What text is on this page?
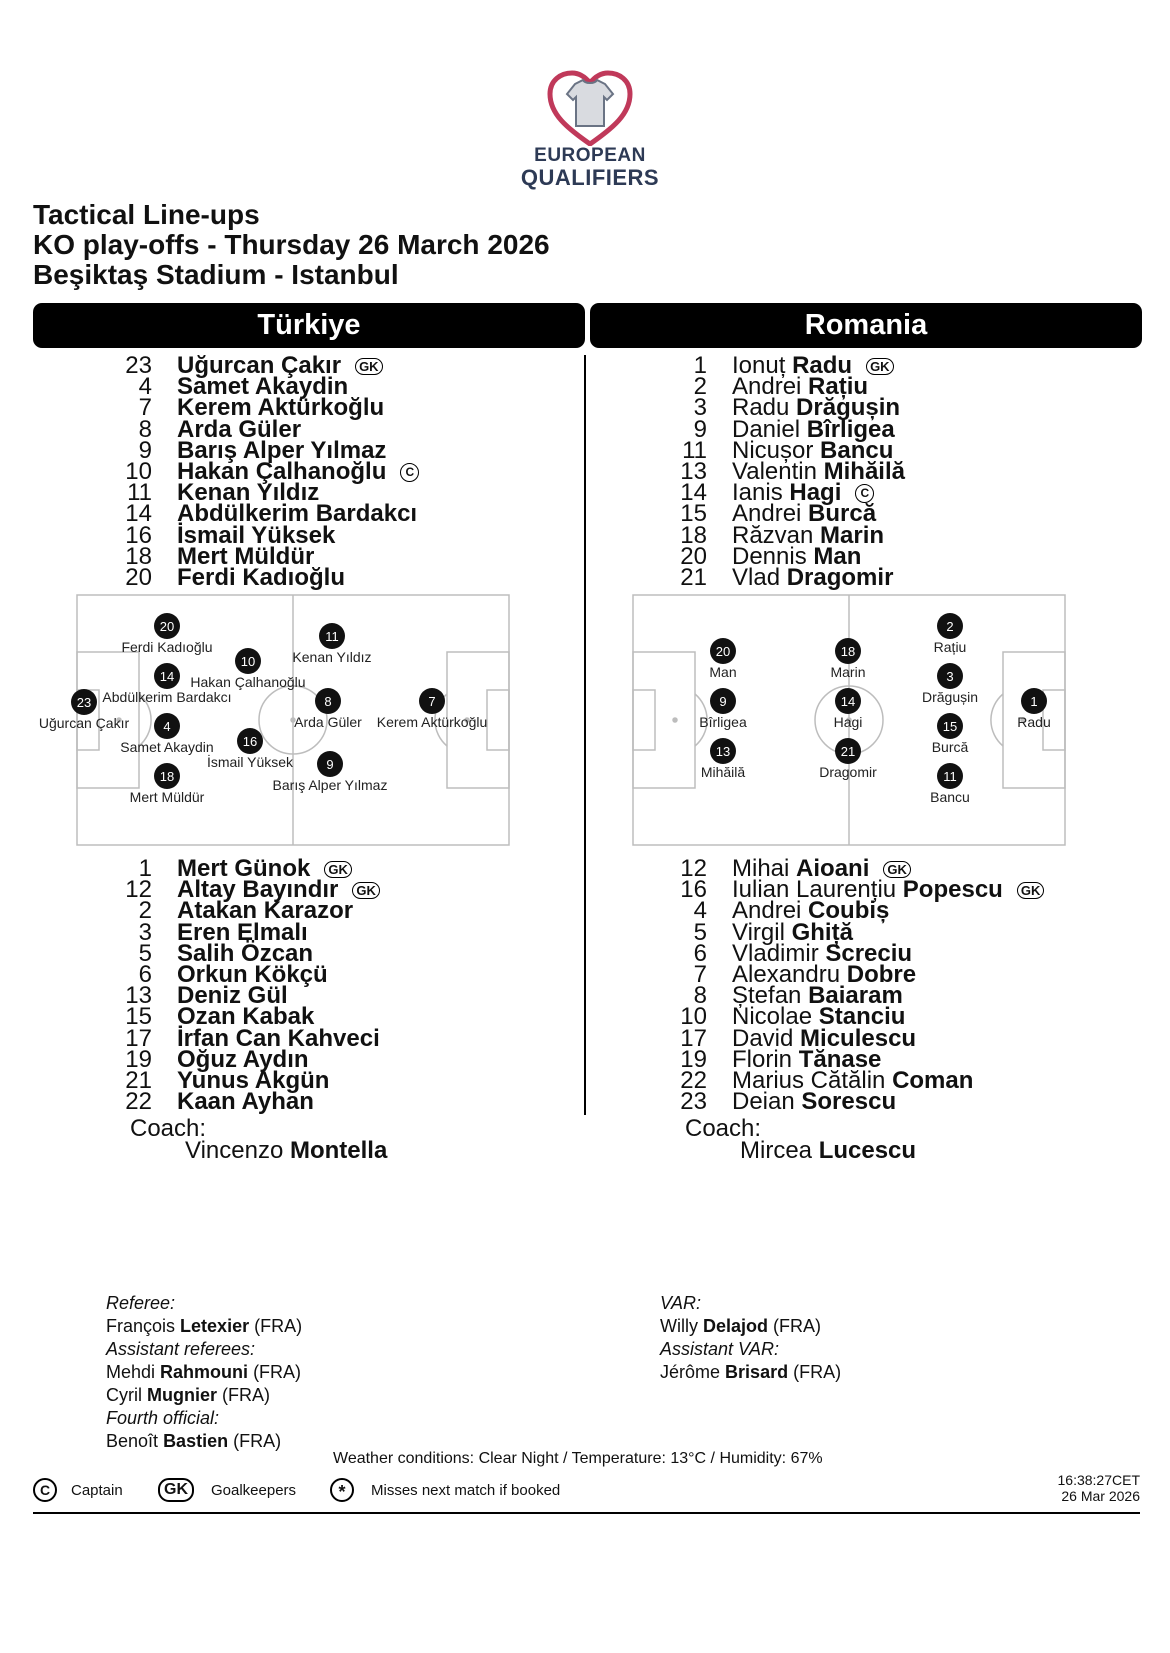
EUROPEAN
QUALIFIERS
Tactical Line-ups
KO play-offs - Thursday 26 March 2026
Beşiktaş Stadium - Istanbul
Türkiye	Romania
23 Uğurcan Çakır GK
4 Samet Akaydin
7 Kerem Aktürkoğlu
8 Arda Güler
9 Barış Alper Yılmaz
10 Hakan Çalhanoğlu C
11 Kenan Yıldız
14 Abdülkerim Bardakcı
16 İsmail Yüksek
18 Mert Müldür
20 Ferdi Kadıoğlu
1 Ionuț Radu GK
2 Andrei Rațiu
3 Radu Drăgușin
9 Daniel Bîrligea
11 Nicușor Bancu
13 Valentin Mihăilă
14 Ianis Hagi C
15 Andrei Burcă
18 Răzvan Marin
20 Dennis Man
21 Vlad Dragomir
1 Mert Günok GK
12 Altay Bayındır GK
2 Atakan Karazor
3 Eren Elmalı
5 Salih Özcan
6 Orkun Kökçü
13 Deniz Gül
15 Ozan Kabak
17 İrfan Can Kahveci
19 Oğuz Aydın
21 Yunus Akgün
22 Kaan Ayhan
12 Mihai Aioani GK
16 Iulian Laurențiu Popescu GK
4 Andrei Coubiș
5 Virgil Ghiță
6 Vladimir Screciu
7 Alexandru Dobre
8 Ștefan Baiaram
10 Nicolae Stanciu
17 David Miculescu
19 Florin Tănase
22 Marius Cătălin Coman
23 Deian Sorescu
20
Ferdi Kadıoğlu
11
Kenan Yıldız
10
Hakan Çalhanoğlu
14
Abdülkerim Bardakcı
23
Uğurcan Çakır
8
Arda Güler
7
Kerem Aktürkoğlu
4
Samet Akaydin 16
İsmail Yüksek
18
Mert Müldür
9
Barış Alper Yılmaz
2
Rațiu
20
Man
18
Marin	3
Drăgușin	1
Radu
9
Bîrligea
14
Hagi	15
Burcă
13
Mihăilă
21
Dragomir	11
Bancu
Coach:
Vincenzo Montella
Coach:
Mircea Lucescu
Referee:
François Letexier (FRA)
Assistant referees:
Mehdi Rahmouni (FRA)
Cyril Mugnier (FRA)
Fourth official:
Benoît Bastien (FRA)
VAR:
Willy Delajod (FRA)
Assistant VAR:
Jérôme Brisard (FRA)
Weather conditions: Clear Night / Temperature: 13°C / Humidity: 67%
C	Captain	GK	Goalkeepers	*	Misses next match if booked
16:38:27CET
26 Mar 2026
